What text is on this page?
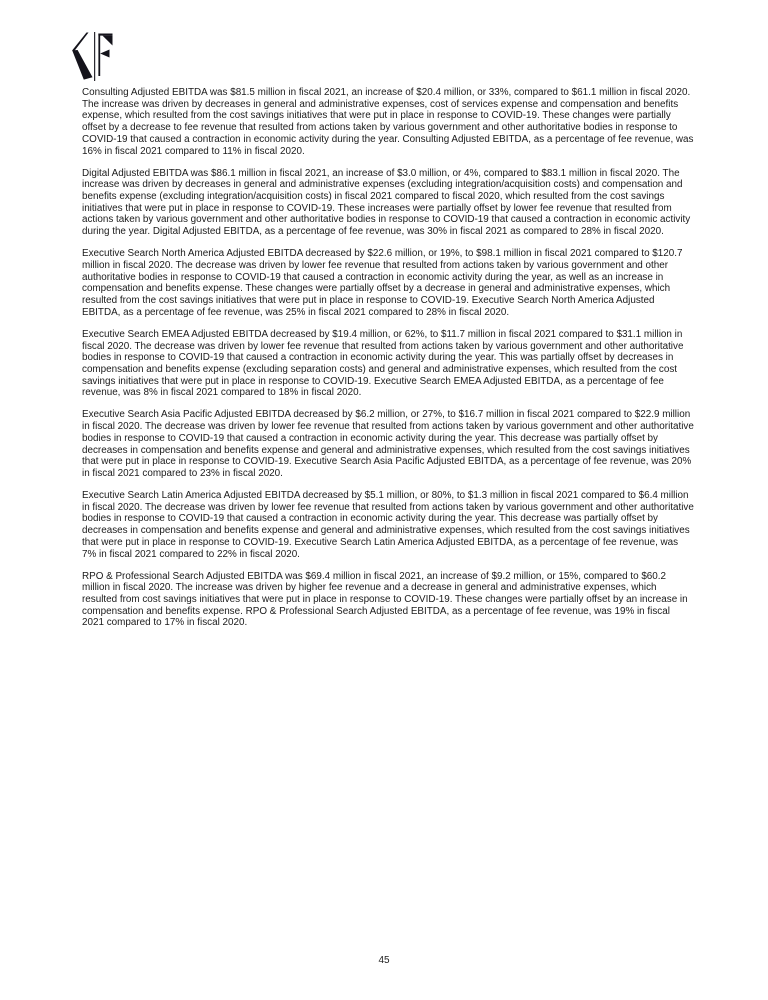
Consulting Adjusted EBITDA was $81.5 million in fiscal 2021, an increase of $20.4 million, or 33%, compared to $61.1 million in fiscal 2020. The increase was driven by decreases in general and administrative expenses, cost of services expense and compensation and benefits expense, which resulted from the cost savings initiatives that were put in place in response to COVID-19. These changes were partially offset by a decrease to fee revenue that resulted from actions taken by various government and other authoritative bodies in response to COVID-19 that caused a contraction in economic activity during the year. Consulting Adjusted EBITDA, as a percentage of fee revenue, was 16% in fiscal 2021 compared to 11% in fiscal 2020.

Digital Adjusted EBITDA was $86.1 million in fiscal 2021, an increase of $3.0 million, or 4%, compared to $83.1 million in fiscal 2020. The increase was driven by decreases in general and administrative expenses (excluding integration/acquisition costs) and compensation and benefits expense (excluding integration/acquisition costs) in fiscal 2021 compared to fiscal 2020, which resulted from the cost savings initiatives that were put in place in response to COVID-19. These increases were partially offset by lower fee revenue that resulted from actions taken by various government and other authoritative bodies in response to COVID-19 that caused a contraction in economic activity during the year. Digital Adjusted EBITDA, as a percentage of fee revenue, was 30% in fiscal 2021 as compared to 28% in fiscal 2020.

Executive Search North America Adjusted EBITDA decreased by $22.6 million, or 19%, to $98.1 million in fiscal 2021 compared to $120.7 million in fiscal 2020. The decrease was driven by lower fee revenue that resulted from actions taken by various government and other authoritative bodies in response to COVID-19 that caused a contraction in economic activity during the year, as well as an increase in compensation and benefits expense. These changes were partially offset by a decrease in general and administrative expenses, which resulted from the cost savings initiatives that were put in place in response to COVID-19. Executive Search North America Adjusted EBITDA, as a percentage of fee revenue, was 25% in fiscal 2021 compared to 28% in fiscal 2020.

Executive Search EMEA Adjusted EBITDA decreased by $19.4 million, or 62%, to $11.7 million in fiscal 2021 compared to $31.1 million in fiscal 2020. The decrease was driven by lower fee revenue that resulted from actions taken by various government and other authoritative bodies in response to COVID-19 that caused a contraction in economic activity during the year. This was partially offset by decreases in compensation and benefits expense (excluding separation costs) and general and administrative expenses, which resulted from the cost savings initiatives that were put in place in response to COVID-19. Executive Search EMEA Adjusted EBITDA, as a percentage of fee revenue, was 8% in fiscal 2021 compared to 18% in fiscal 2020.

Executive Search Asia Pacific Adjusted EBITDA decreased by $6.2 million, or 27%, to $16.7 million in fiscal 2021 compared to $22.9 million in fiscal 2020. The decrease was driven by lower fee revenue that resulted from actions taken by various government and other authoritative bodies in response to COVID-19 that caused a contraction in economic activity during the year. This decrease was partially offset by decreases in compensation and benefits expense and general and administrative expenses, which resulted from the cost savings initiatives that were put in place in response to COVID-19. Executive Search Asia Pacific Adjusted EBITDA, as a percentage of fee revenue, was 20% in fiscal 2021 compared to 23% in fiscal 2020.

Executive Search Latin America Adjusted EBITDA decreased by $5.1 million, or 80%, to $1.3 million in fiscal 2021 compared to $6.4 million in fiscal 2020. The decrease was driven by lower fee revenue that resulted from actions taken by various government and other authoritative bodies in response to COVID-19 that caused a contraction in economic activity during the year. This decrease was partially offset by decreases in compensation and benefits expense and general and administrative expenses, which resulted from the cost savings initiatives that were put in place in response to COVID-19. Executive Search Latin America Adjusted EBITDA, as a percentage of fee revenue, was 7% in fiscal 2021 compared to 22% in fiscal 2020.

RPO & Professional Search Adjusted EBITDA was $69.4 million in fiscal 2021, an increase of $9.2 million, or 15%, compared to $60.2 million in fiscal 2020. The increase was driven by higher fee revenue and a decrease in general and administrative expenses, which resulted from cost savings initiatives that were put in place in response to COVID-19. These changes were partially offset by an increase in compensation and benefits expense. RPO & Professional Search Adjusted EBITDA, as a percentage of fee revenue, was 19% in fiscal 2021 compared to 17% in fiscal 2020.

45
